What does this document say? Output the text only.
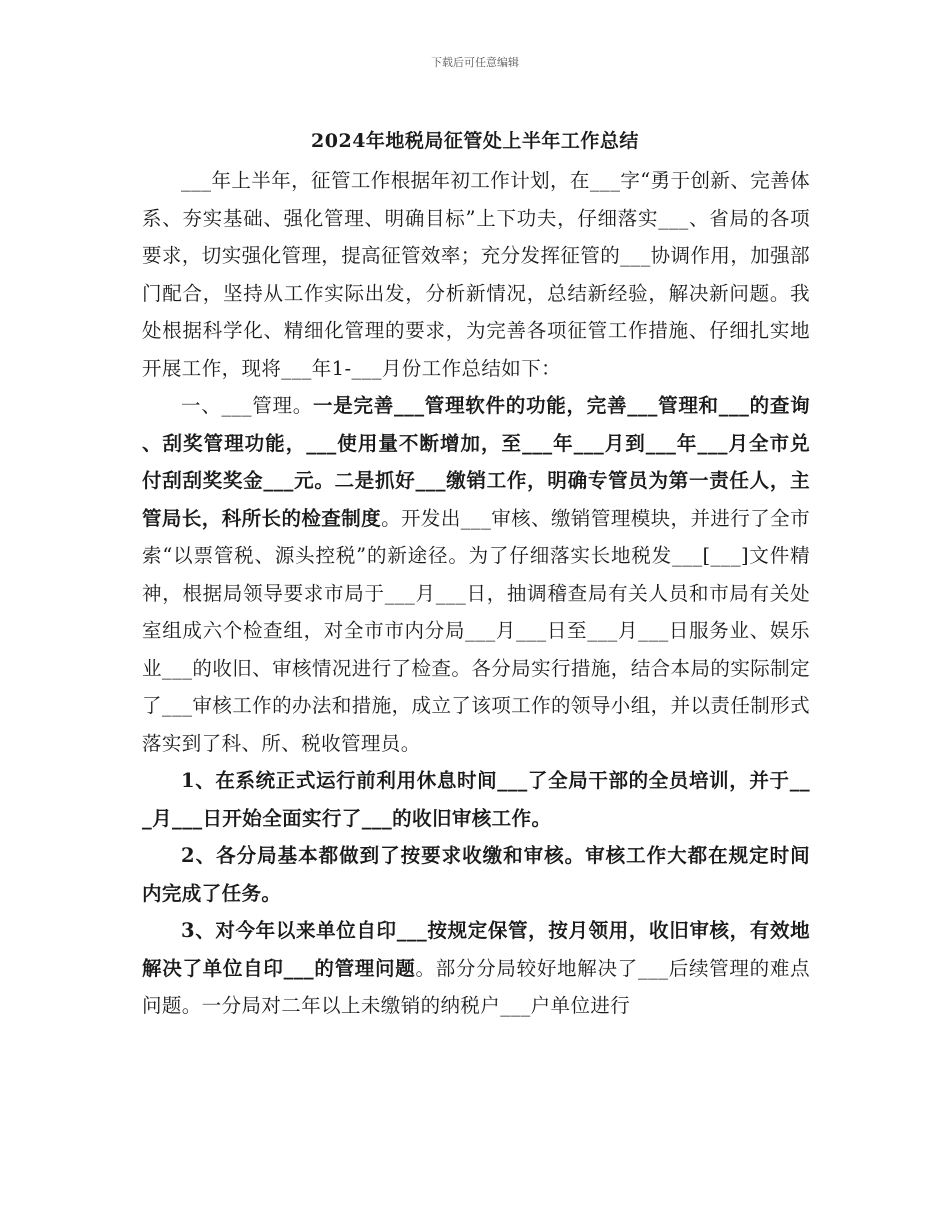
下载后可任意编辑
2024年地税局征管处上半年工作总结

___年上半年，征管工作根据年初工作计划，在___字“勇于创新、完善体系、夯实基础、强化管理、明确目标”上下功夫，仔细落实___、省局的各项要求，切实强化管理，提高征管效率；充分发挥征管的___协调作用，加强部门配合，坚持从工作实际出发，分析新情况，总结新经验，解决新问题。我处根据科学化、精细化管理的要求，为完善各项征管工作措施、仔细扎实地开展工作，现将___年1-___月份工作总结如下：

一、___管理。一是完善___管理软件的功能，完善___管理和___的查询、刮奖管理功能，___使用量不断增加，至___年___月到___年___月全市兑付刮刮奖奖金___元。二是抓好___缴销工作，明确专管员为第一责任人，主管局长，科所长的检查制度。开发出___审核、缴销管理模块，并进行了全市索“以票管税、源头控税”的新途径。为了仔细落实长地税发___[___]文件精神，根据局领导要求市局于___月___日，抽调稽查局有关人员和市局有关处室组成六个检查组，对全市市内分局___月___日至___月___日服务业、娱乐业___的收旧、审核情况进行了检查。各分局实行措施，结合本局的实际制定了___审核工作的办法和措施，成立了该项工作的领导小组，并以责任制形式落实到了科、所、税收管理员。

1、在系统正式运行前利用休息时间___了全局干部的全员培训，并于___月___日开始全面实行了___的收旧审核工作。

2、各分局基本都做到了按要求收缴和审核。审核工作大都在规定时间内完成了任务。

3、对今年以来单位自印___按规定保管，按月领用，收旧审核，有效地解决了单位自印___的管理问题。部分分局较好地解决了___后续管理的难点问题。一分局对二年以上未缴销的纳税户___户单位进行
